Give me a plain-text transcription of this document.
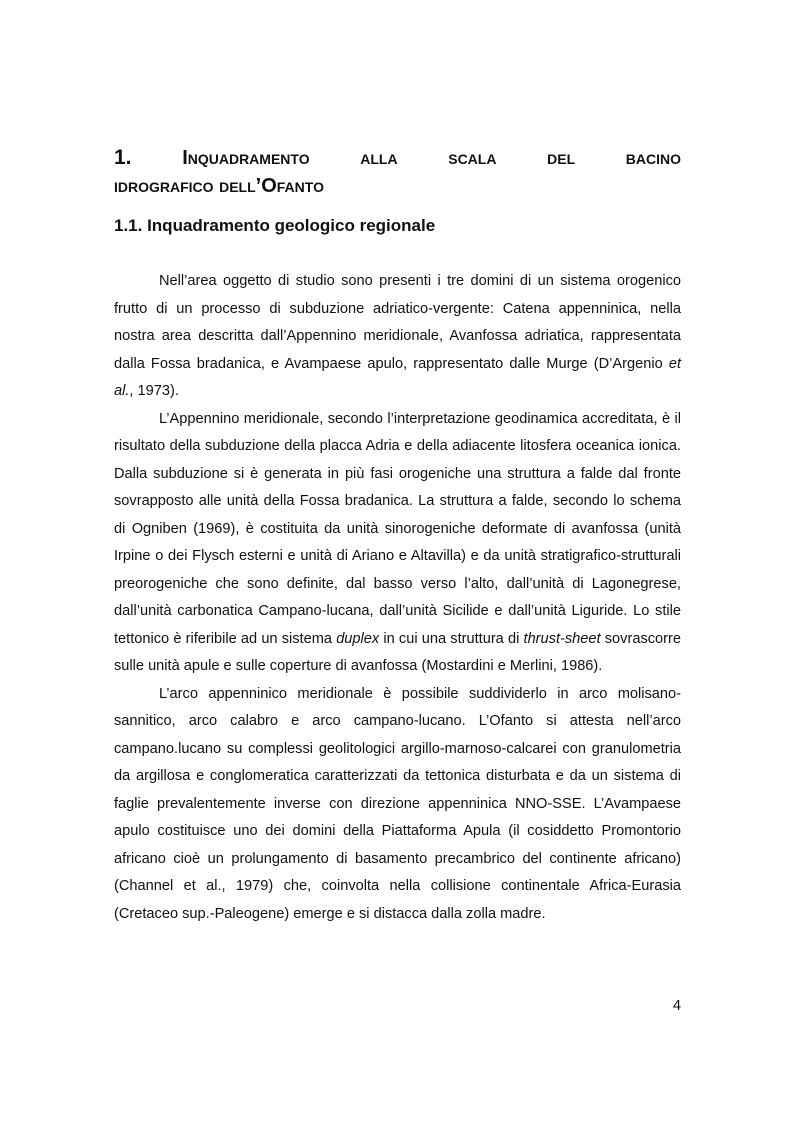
1.	Inquadramento alla scala del bacino
idrografico dell’Ofanto
1.1. Inquadramento geologico regionale

Nell’area oggetto di studio sono presenti i tre domini di un sistema orogenico frutto di un processo di subduzione adriatico-vergente: Catena appenninica, nella nostra area descritta dall’Appennino meridionale, Avanfossa adriatica, rappresentata dalla Fossa bradanica, e Avampaese apulo, rappresentato dalle Murge (D’Argenio et al., 1973).

L’Appennino meridionale, secondo l’interpretazione geodinamica accreditata, è il risultato della subduzione della placca Adria e della adiacente litosfera oceanica ionica. Dalla subduzione si è generata in più fasi orogeniche una struttura a falde dal fronte sovrapposto alle unità della Fossa bradanica. La struttura a falde, secondo lo schema di Ogniben (1969), è costituita da unità sinorogeniche deformate di avanfossa (unità Irpine o dei Flysch esterni e unità di Ariano e Altavilla) e da unità stratigrafico-strutturali preorogeniche che sono definite, dal basso verso l’alto, dall’unità di Lagonegrese, dall’unità carbonatica Campano-lucana, dall’unità Sicilide e dall’unità Liguride. Lo stile tettonico è riferibile ad un sistema duplex in cui una struttura di thrust-sheet sovrascorre sulle unità apule e sulle coperture di avanfossa (Mostardini e Merlini, 1986).

L’arco appenninico meridionale è possibile suddividerlo in arco molisano-sannitico, arco calabro e arco campano-lucano. L’Ofanto si attesta nell’arco campano.lucano su complessi geolitologici argillo-marnoso-calcarei con granulometria da argillosa e conglomeratica caratterizzati da tettonica disturbata e da un sistema di faglie prevalentemente inverse con direzione appenninica NNO-SSE. L’Avampaese apulo costituisce uno dei domini della Piattaforma Apula (il cosiddetto Promontorio africano cioè un prolungamento di basamento precambrico del continente africano) (Channel et al., 1979) che, coinvolta nella collisione continentale Africa-Eurasia (Cretaceo sup.-Paleogene) emerge e si distacca dalla zolla madre.

4
